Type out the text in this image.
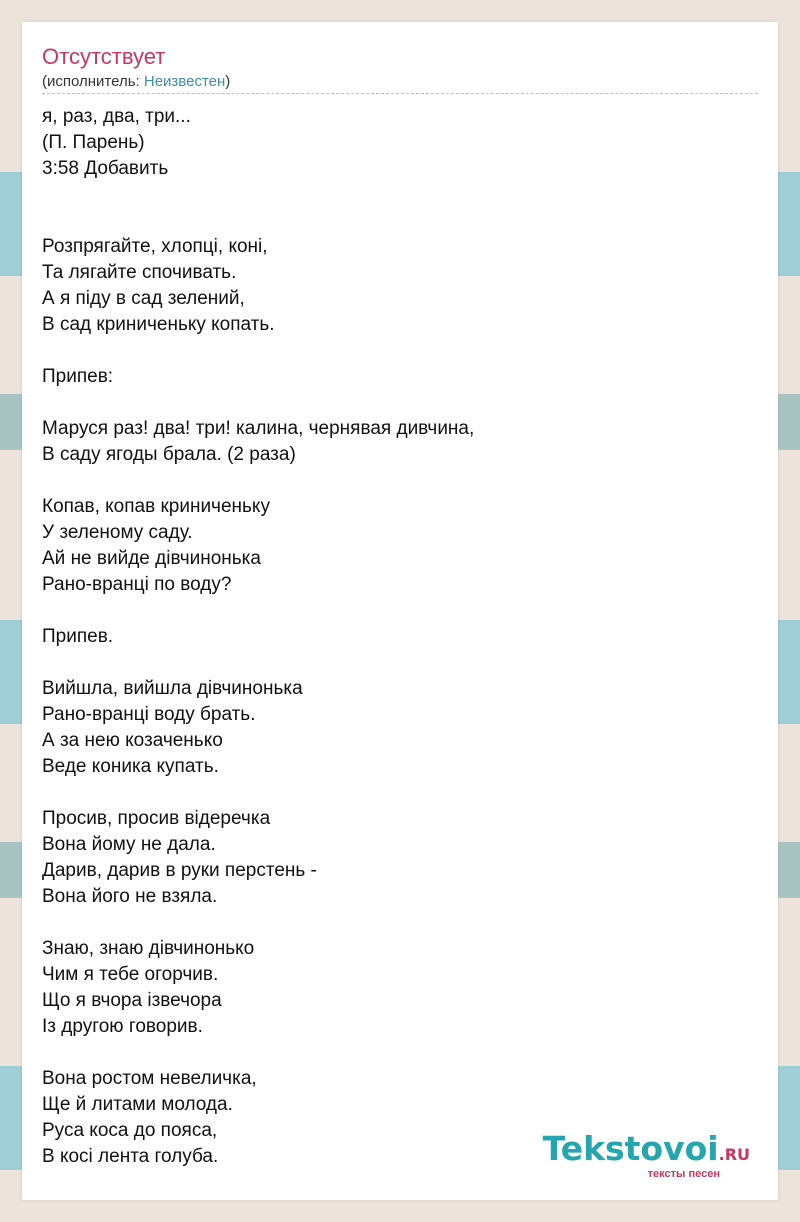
Отсутствует
(исполнитель: Неизвестен)
я, раз, два, три...
(П. Парень)
3:58 Добавить

Розпрягайте, хлопці, коні,
Та лягайте спочивать.
А я піду в сад зелений,
В сад криниченьку копать.

Припев:

Маруся раз! два! три! калина, чернявая дивчина,
В саду ягоды брала. (2 раза)

Копав, копав криниченьку
У зеленому саду.
Ай не вийде дівчинонька
Рано-вранці по воду?

Припев.

Вийшла, вийшла дівчинонька
Рано-вранці воду брать.
А за нею козаченько
Веде коника купать.

Просив, просив відеречка
Вона йому не дала.
Дарив, дарив в руки перстень -
Вона його не взяла.

Знаю, знаю дівчинонько
Чим я тебе огорчив.
Що я вчора ізвечора
Із другою говорив.

Вона ростом невеличка,
Ще й литами молода.
Руса коса до пояса,
В косі лента голуба.	Tekstovoi.RU
тексты песен
